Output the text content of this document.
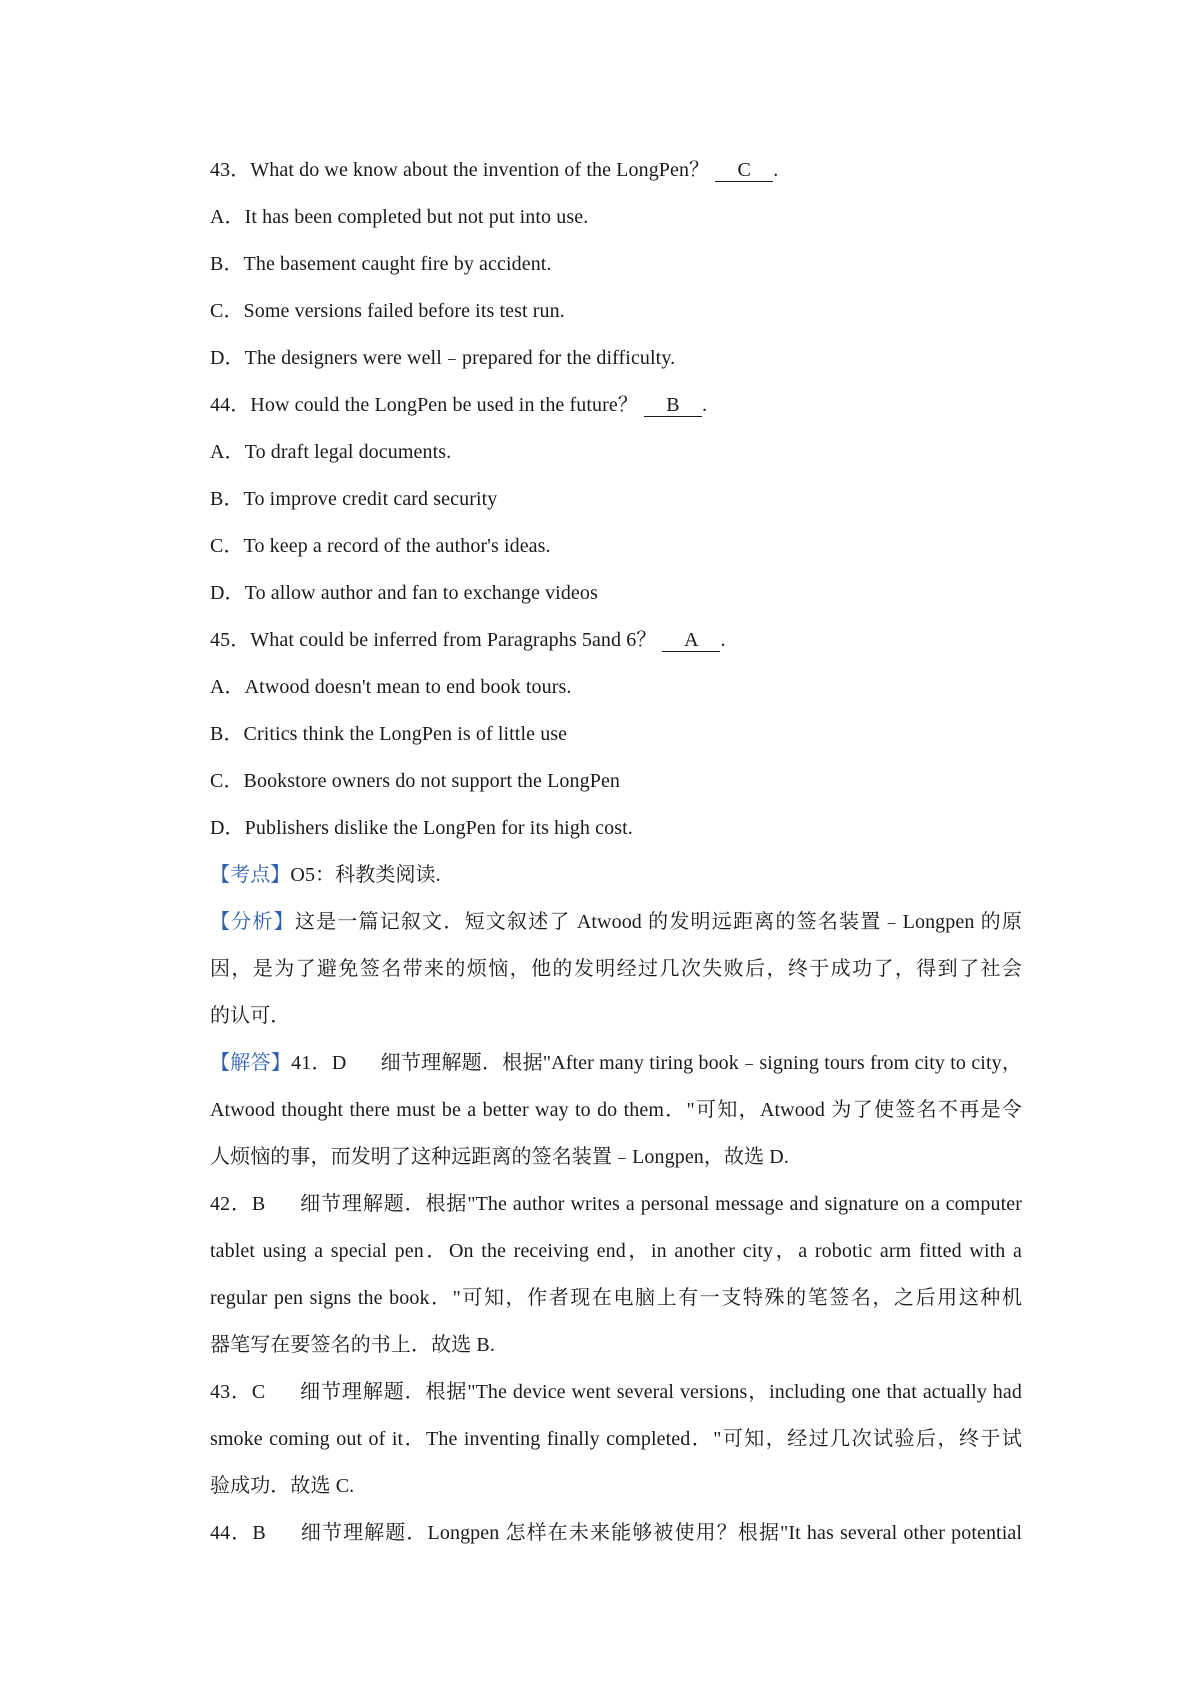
43．What do we know about the invention of the LongPen？ C .
A．It has been completed but not put into use.
B．The basement caught fire by accident.
C．Some versions failed before its test run.
D．The designers were well﹣prepared for the difficulty.
44．How could the LongPen be used in the future？ B .
A．To draft legal documents.
B．To improve credit card security
C．To keep a record of the author's ideas.
D．To allow author and fan to exchange videos
45．What could be inferred from Paragraphs 5and 6？ A .
A．Atwood doesn't mean to end book tours.
B．Critics think the LongPen is of little use
C．Bookstore owners do not support the LongPen
D．Publishers dislike the LongPen for its high cost.
【考点】O5：科教类阅读.
【分析】这是一篇记叙文．短文叙述了 Atwood 的发明远距离的签名装置﹣Longpen 的原
因，是为了避免签名带来的烦恼，他的发明经过几次失败后，终于成功了，得到了社会
的认可．
【解答】41．D 细节理解题．根据"After many tiring book﹣signing tours from city to city，
Atwood thought there must be a better way to do them．"可知，Atwood 为了使签名不再是令
人烦恼的事，而发明了这种远距离的签名装置﹣Longpen，故选 D.
42．B 细节理解题．根据"The author writes a personal message and signature on a computer
tablet using a special pen．On the receiving end，in another city，a robotic arm fitted with a
regular pen signs the book．"可知，作者现在电脑上有一支特殊的笔签名，之后用这种机
器笔写在要签名的书上．故选 B.
43．C 细节理解题．根据"The device went several versions，including one that actually had
smoke coming out of it．The inventing finally completed．"可知，经过几次试验后，终于试
验成功．故选 C.
44．B 细节理解题．Longpen 怎样在未来能够被使用？根据"It has several other potential
